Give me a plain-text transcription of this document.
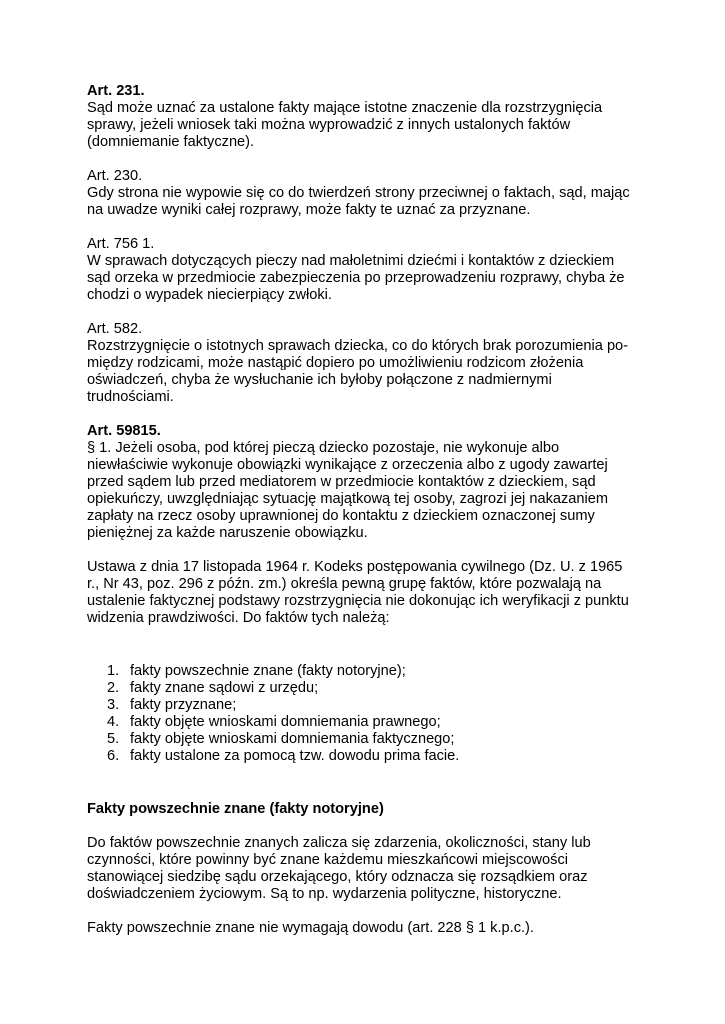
Art. 231.
Sąd może uznać za ustalone fakty mające istotne znaczenie dla rozstrzygnięcia
sprawy, jeżeli wniosek taki można wyprowadzić z innych ustalonych faktów
(domniemanie faktyczne).
Art. 230.
Gdy strona nie wypowie się co do twierdzeń strony przeciwnej o faktach, sąd, mając
na uwadze wyniki całej rozprawy, może fakty te uznać za przyznane.
Art. 756 1.
W sprawach dotyczących pieczy nad małoletnimi dziećmi i kontaktów z dzieckiem
sąd orzeka w przedmiocie zabezpieczenia po przeprowadzeniu rozprawy, chyba że
chodzi o wypadek niecierpiący zwłoki.
Art. 582.
Rozstrzygnięcie o istotnych sprawach dziecka, co do których brak porozumienia po-
między rodzicami, może nastąpić dopiero po umożliwieniu rodzicom złożenia
oświadczeń, chyba że wysłuchanie ich byłoby połączone z nadmiernymi
trudnościami.
Art. 59815.
§ 1. Jeżeli osoba, pod której pieczą dziecko pozostaje, nie wykonuje albo
niewłaściwie wykonuje obowiązki wynikające z orzeczenia albo z ugody zawartej
przed sądem lub przed mediatorem w przedmiocie kontaktów z dzieckiem, sąd
opiekuńczy, uwzględniając sytuację majątkową tej osoby, zagrozi jej nakazaniem
zapłaty na rzecz osoby uprawnionej do kontaktu z dzieckiem oznaczonej sumy
pieniężnej za każde naruszenie obowiązku.
Ustawa z dnia 17 listopada 1964 r. Kodeks postępowania cywilnego (Dz. U. z 1965
r., Nr 43, poz. 296 z późn. zm.) określa pewną grupę faktów, które pozwalają na
ustalenie faktycznej podstawy rozstrzygnięcia nie dokonując ich weryfikacji z punktu
widzenia prawdziwości. Do faktów tych należą:
1. fakty powszechnie znane (fakty notoryjne);
2. fakty znane sądowi z urzędu;
3. fakty przyznane;
4. fakty objęte wnioskami domniemania prawnego;
5. fakty objęte wnioskami domniemania faktycznego;
6. fakty ustalone za pomocą tzw. dowodu prima facie.
Fakty powszechnie znane (fakty notoryjne)
Do faktów powszechnie znanych zalicza się zdarzenia, okoliczności, stany lub
czynności, które powinny być znane każdemu mieszkańcowi miejscowości
stanowiącej siedzibę sądu orzekającego, który odznacza się rozsądkiem oraz
doświadczeniem życiowym. Są to np. wydarzenia polityczne, historyczne.
Fakty powszechnie znane nie wymagają dowodu (art. 228 § 1 k.p.c.).
